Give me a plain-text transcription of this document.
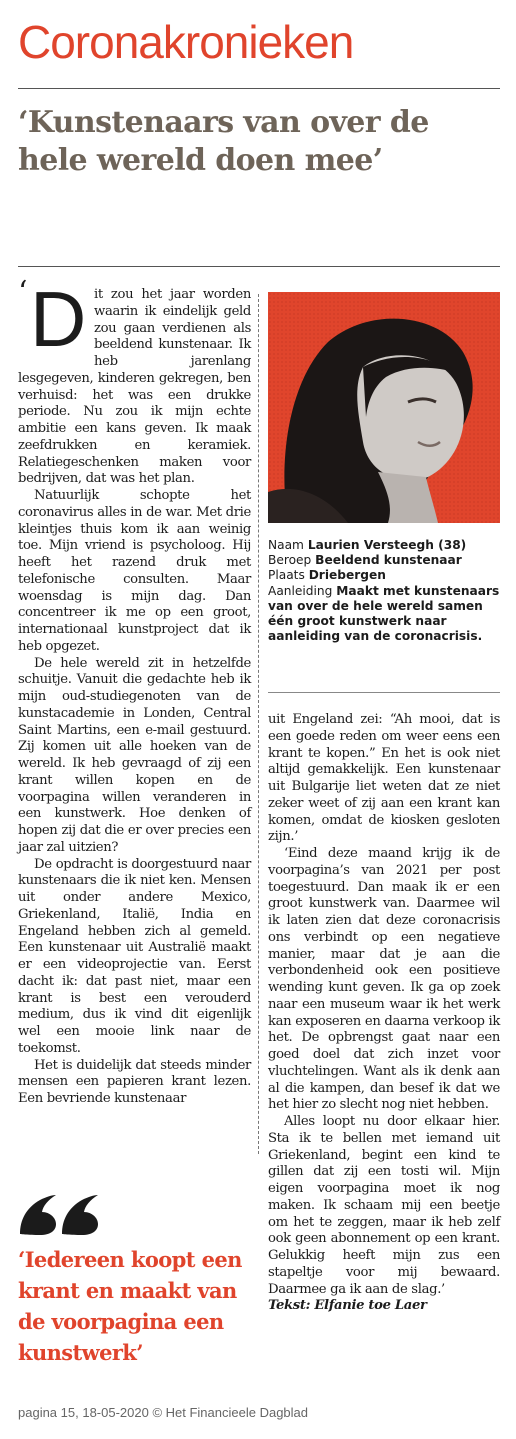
Coronakronieken
‘Kunstenaars van over de hele wereld doen mee’

‘ D it zou het jaar worden waarin ik eindelijk geld zou gaan verdienen als beeldend kunstenaar. Ik heb jarenlang lesgegeven, kinderen gekregen, ben verhuisd: het was een drukke periode. Nu zou ik mijn echte ambitie een kans geven. Ik maak zeefdrukken en keramiek. Relatiegeschenken maken voor bedrijven, dat was het plan.

Natuurlijk schopte het coronavirus alles in de war. Met drie kleintjes thuis kom ik aan weinig toe. Mijn vriend is psycholoog. Hij heeft het razend druk met telefonische consulten. Maar woensdag is mijn dag. Dan concentreer ik me op een groot, internationaal kunstproject dat ik heb opgezet.

De hele wereld zit in hetzelfde schuitje. Vanuit die gedachte heb ik mijn oud-studiegenoten van de kunstacademie in Londen, Central Saint Martins, een e-mail gestuurd. Zij komen uit alle hoeken van de wereld. Ik heb gevraagd of zij een krant willen kopen en de voorpagina willen veranderen in een kunstwerk. Hoe denken of hopen zij dat die er over precies een jaar zal uitzien?

De opdracht is doorgestuurd naar kunstenaars die ik niet ken. Mensen uit onder andere Mexico, Griekenland, Italië, India en Engeland hebben zich al gemeld. Een kunstenaar uit Australië maakt er een videoprojectie van. Eerst dacht ik: dat past niet, maar een krant is best een verouderd medium, dus ik vind dit eigenlijk wel een mooie link naar de toekomst.

Het is duidelijk dat steeds minder mensen een papieren krant lezen. Een bevriende kunstenaar

Naam Laurien Versteegh (38)
Beroep Beeldend kunstenaar
Plaats Driebergen
Aanleiding Maakt met kunstenaars van over de hele wereld samen één groot kunstwerk naar aanleiding van de coronacrisis.

uit Engeland zei: “Ah mooi, dat is een goede reden om weer eens een krant te kopen.” En het is ook niet altijd gemakkelijk. Een kunstenaar uit Bulgarije liet weten dat ze niet zeker weet of zij aan een krant kan komen, omdat de kiosken gesloten zijn.’

‘Eind deze maand krijg ik de voorpagina’s van 2021 per post toegestuurd. Dan maak ik er een groot kunstwerk van. Daarmee wil ik laten zien dat deze coronacrisis ons verbindt op een negatieve manier, maar dat je aan die verbondenheid ook een positieve wending kunt geven. Ik ga op zoek naar een museum waar ik het werk kan exposeren en daarna verkoop ik het. De opbrengst gaat naar een goed doel dat zich inzet voor vluchtelingen. Want als ik denk aan al die kampen, dan besef ik dat we het hier zo slecht nog niet hebben.

Alles loopt nu door elkaar hier. Sta ik te bellen met iemand uit Griekenland, begint een kind te gillen dat zij een tosti wil. Mijn eigen voorpagina moet ik nog maken. Ik schaam mij een beetje om het te zeggen, maar ik heb zelf ook geen abonnement op een krant. Gelukkig heeft mijn zus een stapeltje voor mij bewaard. Daarmee ga ik aan de slag.’
Tekst: Elfanie toe Laer

‘Iedereen koopt een krant en maakt van de voorpagina een kunstwerk’
pagina 15, 18-05-2020 © Het Financieele Dagblad
